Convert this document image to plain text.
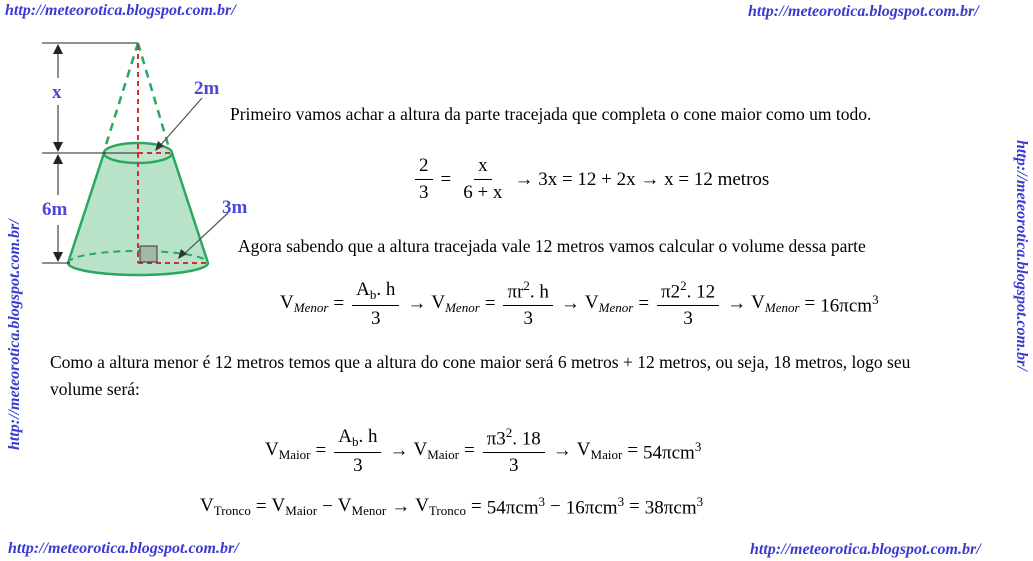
http://meteorotica.blogspot.com.br/	http://meteorotica.blogspot.com.br/
http://meteorotica.blogspot.com.br/	http://meteorotica.blogspot.com.br/
http://meteorotica.blogspot.com.br/	http://meteorotica.blogspot.com.br/
x	2m
6m	3m
Primeiro vamos achar a altura da parte tracejada que completa o cone maior como um todo.
$\frac{2}{3} = \frac{x}{6 + x} \to 3x = 12 + 2x \to x = 12$ metros
Agora sabendo que a altura tracejada vale 12 metros vamos calcular o volume dessa parte
$V_{Menor} = \frac{A_b. h}{3} \to V_{Menor} = \frac{\pi r^2. h}{3} \to V_{Menor} = \frac{\pi 2^2. 12}{3} \to V_{Menor} = 16\pi cm^3$
Como a altura menor é 12 metros temos que a altura do cone maior será 6 metros + 12 metros, ou seja, 18 metros, logo seu volume será:
$V_{Maior} = \frac{A_b. h}{3} \to V_{Maior} = \frac{\pi 3^2. 18}{3} \to V_{Maior} = 54\pi cm^3$
$V_{Tronco} = V_{Maior} - V_{Menor} \to V_{Tronco} = 54\pi cm^3 - 16\pi cm^3 = 38\pi cm^3$
